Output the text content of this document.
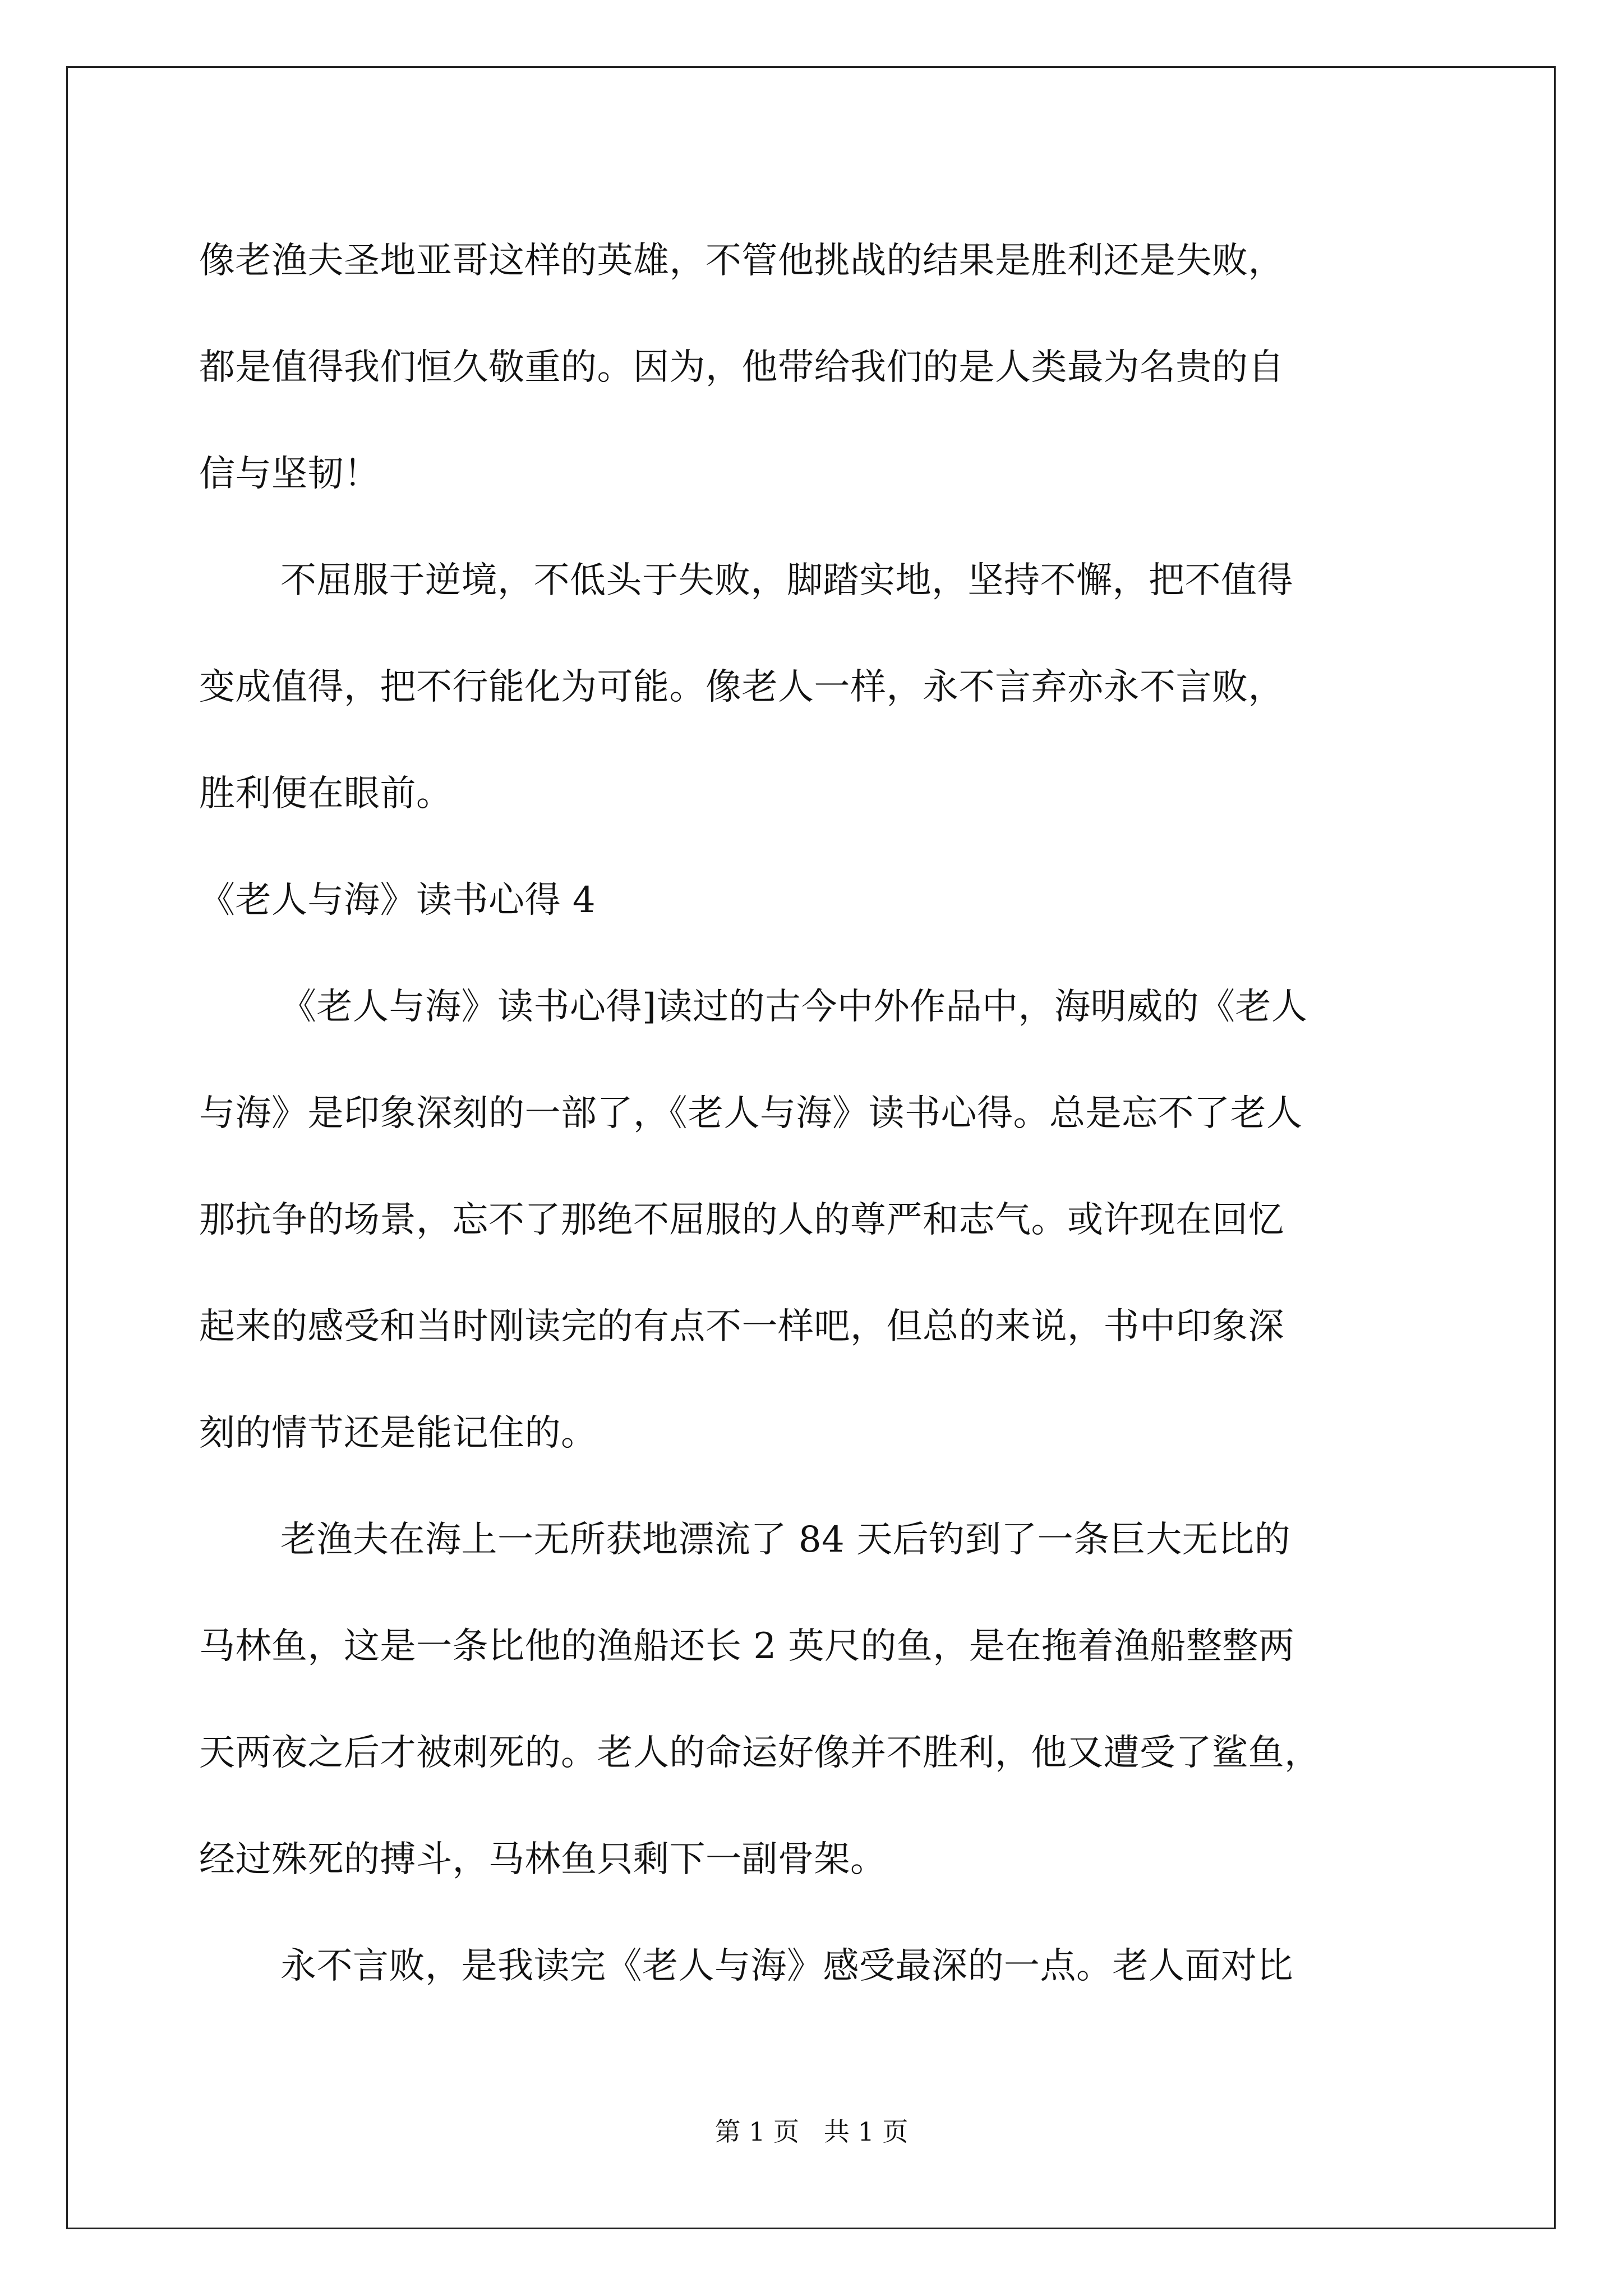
像老渔夫圣地亚哥这样的英雄，不管他挑战的结果是胜利还是失败，
都是值得我们恒久敬重的。因为，他带给我们的是人类最为名贵的自
信与坚韧！
不屈服于逆境，不低头于失败，脚踏实地，坚持不懈，把不值得
变成值得，把不行能化为可能。像老人一样，永不言弃亦永不言败，
胜利便在眼前。
《老人与海》读书心得 4
《老人与海》读书心得]读过的古今中外作品中，海明威的《老人
与海》是印象深刻的一部了，《老人与海》读书心得。总是忘不了老人
那抗争的场景，忘不了那绝不屈服的人的尊严和志气。或许现在回忆
起来的感受和当时刚读完的有点不一样吧，但总的来说，书中印象深
刻的情节还是能记住的。
老渔夫在海上一无所获地漂流了 84 天后钓到了一条巨大无比的
马林鱼，这是一条比他的渔船还长 2 英尺的鱼，是在拖着渔船整整两
天两夜之后才被刺死的。老人的命运好像并不胜利，他又遭受了鲨鱼，
经过殊死的搏斗，马林鱼只剩下一副骨架。
永不言败，是我读完《老人与海》感受最深的一点。老人面对比
第 1 页   共 1 页
